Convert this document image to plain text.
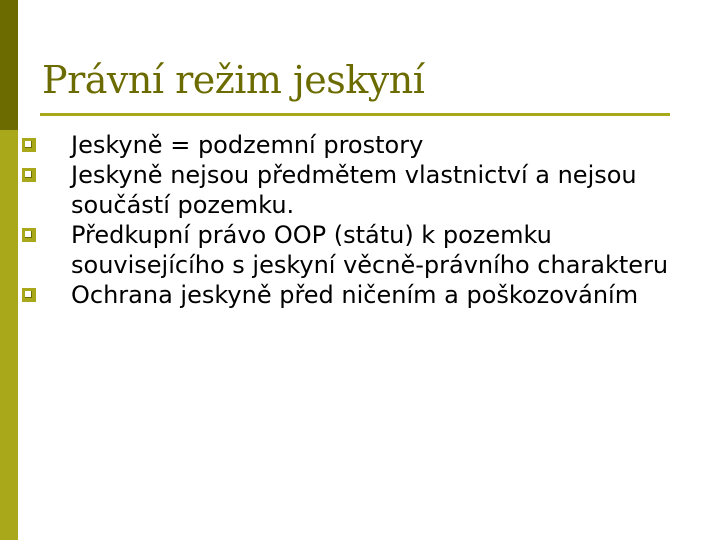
Právní režim jeskyní
Jeskyně = podzemní prostory
Jeskyně nejsou předmětem vlastnictví a nejsou součástí pozemku.
Předkupní právo OOP (státu) k pozemku souvisejícího s jeskyní věcně-právního charakteru
Ochrana jeskyně před ničením a poškozováním
